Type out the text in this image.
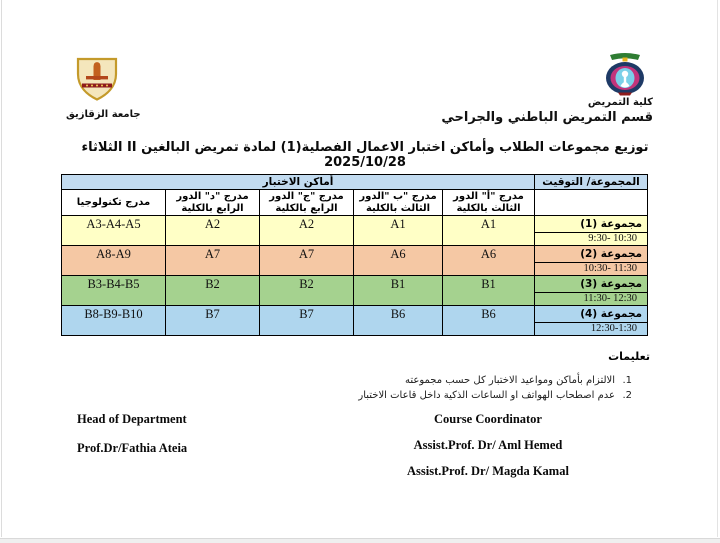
جامعة الزقازيق
كلية التمريض
قسم التمريض الباطني والجراحي
توزيع مجموعات الطلاب وأماكن اختبار الاعمال الفصلية(1) لمادة تمريض البالغين II الثلاثاء 2025/10/28
المجموعة/ التوقيت	أماكن الاختبار				

مدرج "أ" الدور
الثالث بالكلية

مدرج "ب "الدور
الثالث بالكلية

مدرج "ج" الدور
الرابع بالكلية

مدرج "د" الدور
الرابع بالكلية

مدرج تكنولوجيا

مجموعة (1)
9:30- 10:30	A1	A1	A2	A2	A3-A4-A5

مجموعة (2)
10:30- 11:30	A6	A6	A7	A7	A8-A9

مجموعة (3)
11:30- 12:30	B1	B1	B2	B2	B3-B4-B5

مجموعة (4)
12:30-1:30	B6	B6	B7	B7	B8-B9-B10
تعليمات
1.
الالتزام بأماكن ومواعيد الاختبار كل حسب مجموعته
2.
عدم اصطحاب الهواتف او الساعات الذكية داخل قاعات الاختبار
Head of Department
Prof.Dr/Fathia Ateia
Course Coordinator
Assist.Prof. Dr/ Aml Hemed
Assist.Prof. Dr/ Magda Kamal
